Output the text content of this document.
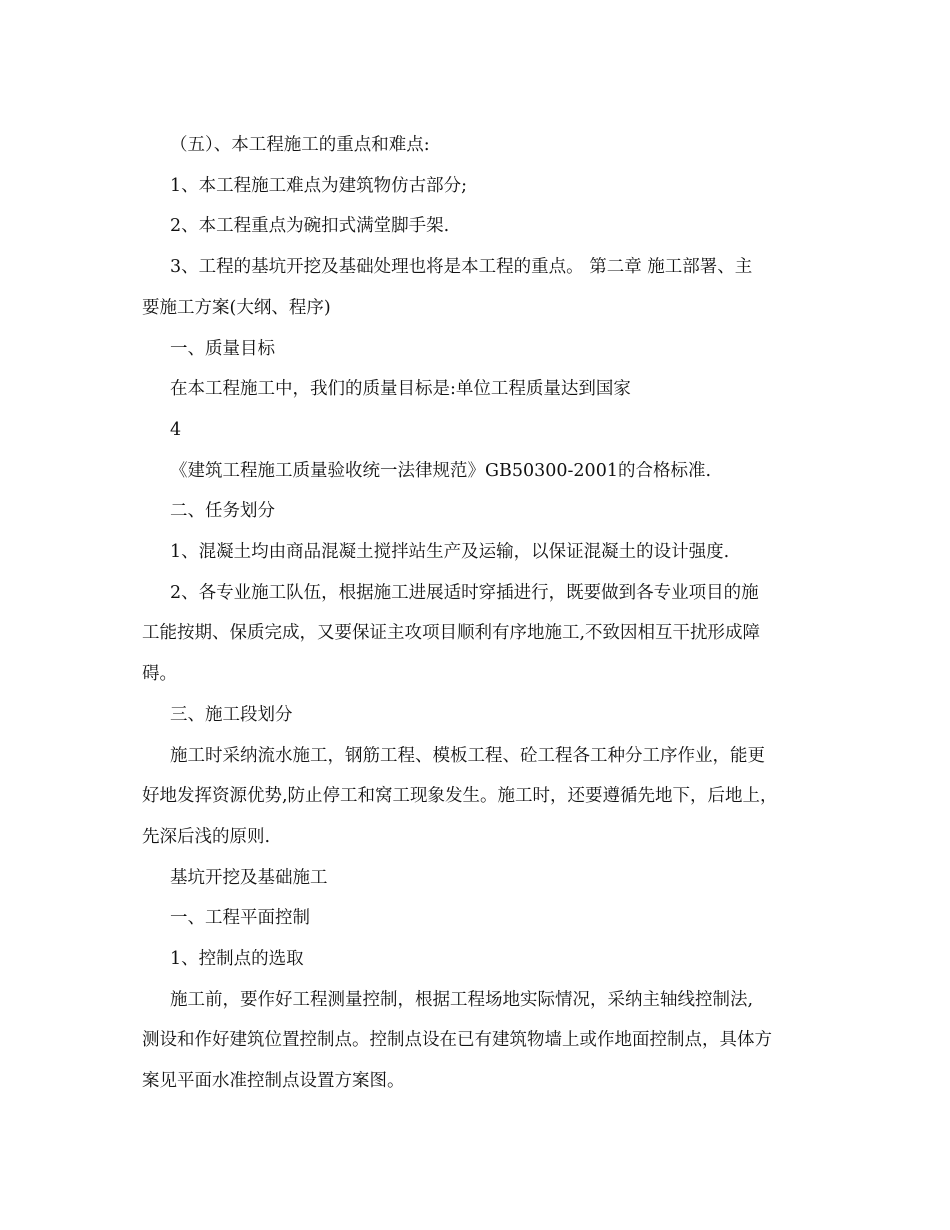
（五）、本工程施工的重点和难点:

1、本工程施工难点为建筑物仿古部分;

2、本工程重点为碗扣式满堂脚手架.

3、工程的基坑开挖及基础处理也将是本工程的重点。 第二章 施工部署、主

要施工方案(大纲、程序)

一、质量目标

在本工程施工中，我们的质量目标是:单位工程质量达到国家

4

《建筑工程施工质量验收统一法律规范》GB50300-2001的合格标准.

二、任务划分

1、混凝土均由商品混凝土搅拌站生产及运输，以保证混凝土的设计强度.

2、各专业施工队伍，根据施工进展适时穿插进行，既要做到各专业项目的施

工能按期、保质完成，又要保证主攻项目顺利有序地施工,不致因相互干扰形成障

碍。

三、施工段划分

施工时采纳流水施工，钢筋工程、模板工程、砼工程各工种分工序作业，能更

好地发挥资源优势,防止停工和窝工现象发生。施工时，还要遵循先地下，后地上，

先深后浅的原则.

基坑开挖及基础施工

一、工程平面控制

1、控制点的选取

施工前，要作好工程测量控制，根据工程场地实际情况，采纳主轴线控制法,

测设和作好建筑位置控制点。控制点设在已有建筑物墙上或作地面控制点，具体方

案见平面水准控制点设置方案图。
